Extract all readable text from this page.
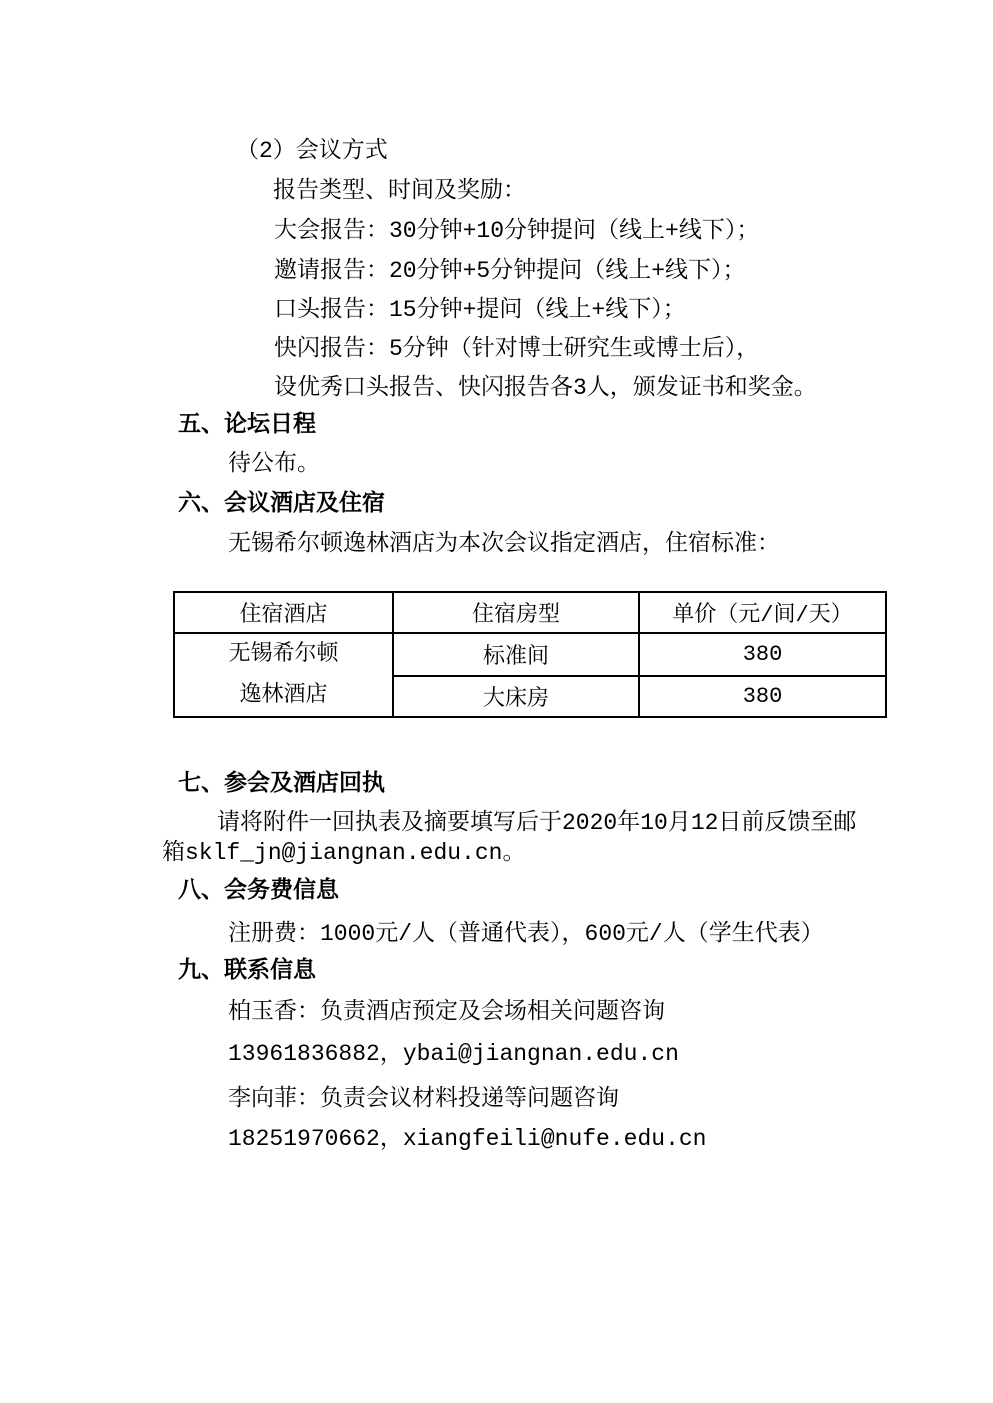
（2）会议方式
报告类型、时间及奖励：
大会报告：30分钟+10分钟提问（线上+线下）；
邀请报告：20分钟+5分钟提问（线上+线下）；
口头报告：15分钟+提问（线上+线下）；
快闪报告：5分钟（针对博士研究生或博士后），
设优秀口头报告、快闪报告各3人，颁发证书和奖金。
五、论坛日程
待公布。
六、会议酒店及住宿
无锡希尔顿逸林酒店为本次会议指定酒店，住宿标准：
住宿酒店	住宿房型	单价（元/间/天）

无锡希尔顿
逸林酒店	标准间	380
	大床房	380
七、参会及酒店回执
请将附件一回执表及摘要填写后于2020年10月12日前反馈至邮
箱sklf_jn@jiangnan.edu.cn。
八、会务费信息
注册费：1000元/人（普通代表），600元/人（学生代表）
九、联系信息
柏玉香：负责酒店预定及会场相关问题咨询
13961836882，ybai@jiangnan.edu.cn
李向菲：负责会议材料投递等问题咨询
18251970662，xiangfeili@nufe.edu.cn
